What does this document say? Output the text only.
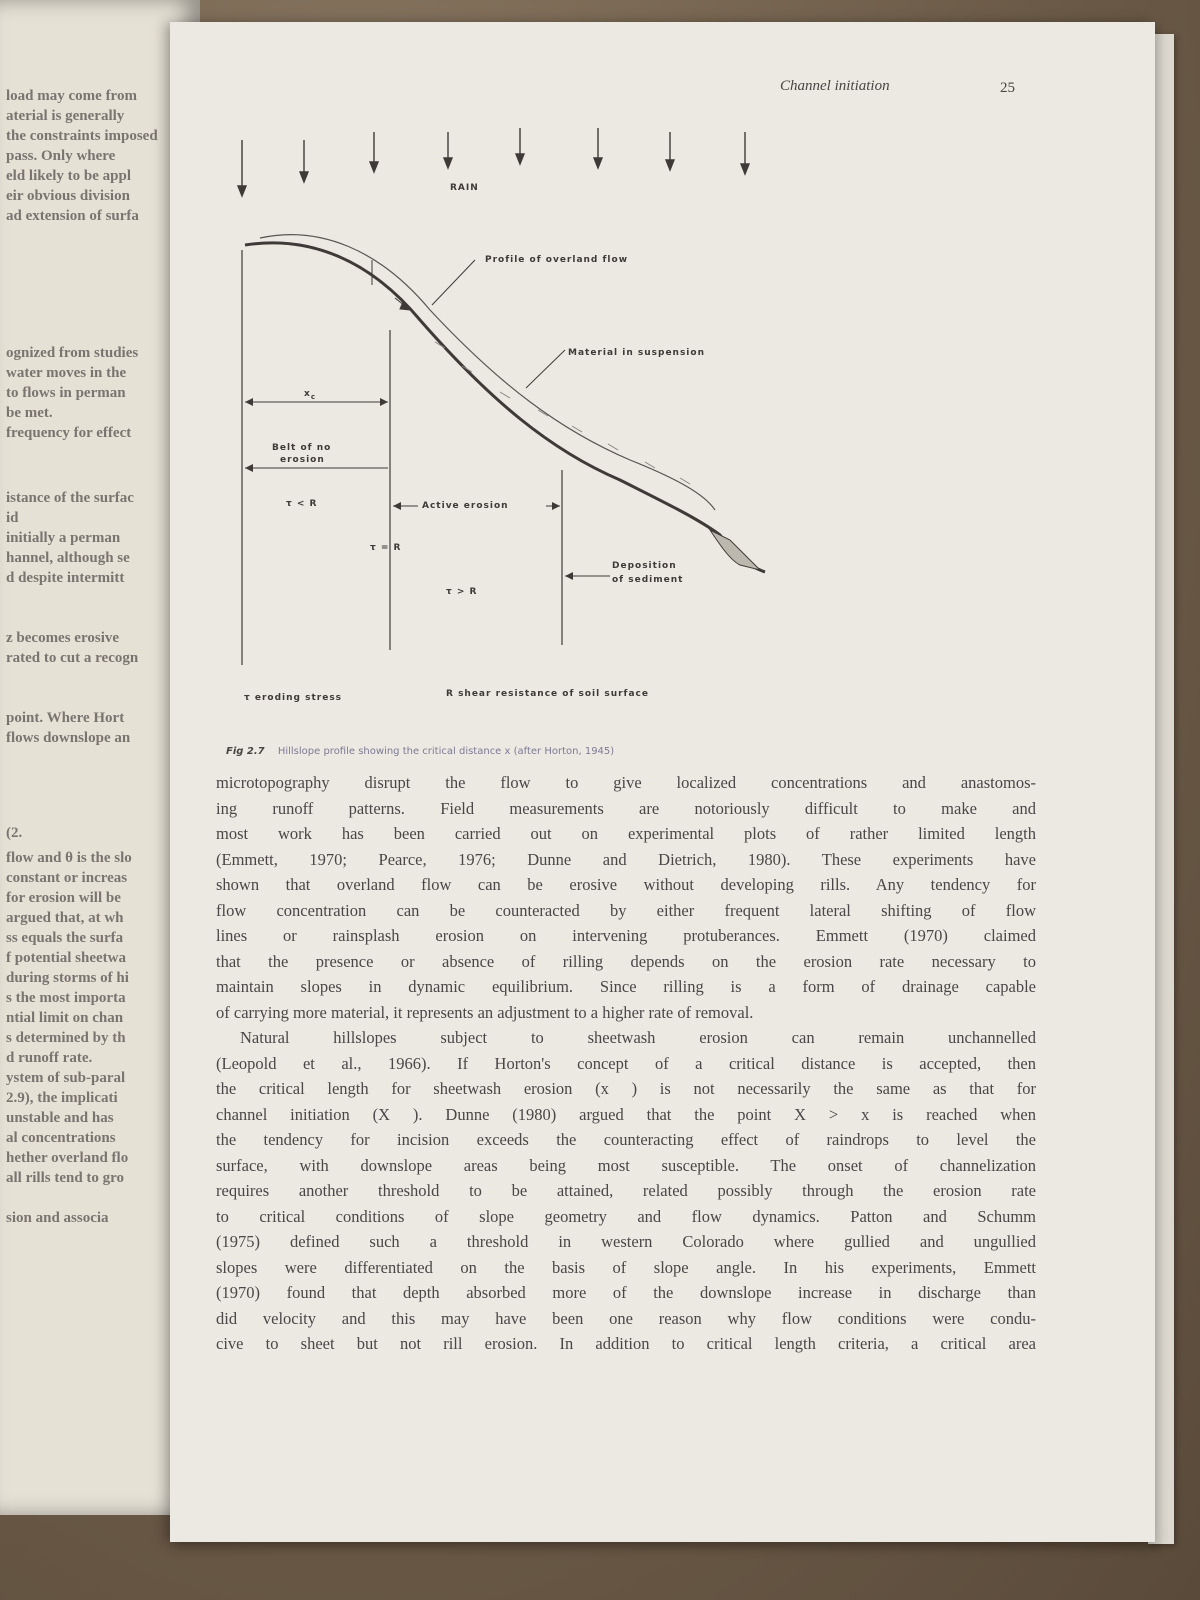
load may come from
aterial is generally
the constraints imposed
pass. Only where
eld likely to be appl
eir obvious division
ad extension of surfa
ognized from studies
water moves in the
to flows in perman
be met.
frequency for effect
istance of the surfac
id
initially a perman
hannel, although se
d despite intermitt
z becomes erosive
rated to cut a recogn
point. Where Hort
flows downslope an
(2.
flow and θ is the slo
constant or increas
for erosion will be
argued that, at wh
ss equals the surfa
f potential sheetwa
during storms of hi
s the most importa
ntial limit on chan
s determined by th
d runoff rate.
ystem of sub-paral
2.9), the implicati
unstable and has
al concentrations
hether overland flo
all rills tend to gro
sion and associa
Channel initiation	25
RAIN
Profile of overland flow
Material in suspension
$x_c$
Belt of no
erosion
τ < R	Active erosion
τ = R
τ > R
Deposition
of sediment
τ eroding stress	R shear resistance of soil surface
Fig 2.7 Hillslope profile showing the critical distance x (after Horton, 1945)
microtopography disrupt the flow to give localized concentrations and anastomos-
ing runoff patterns. Field measurements are notoriously difficult to make and
most work has been carried out on experimental plots of rather limited length
(Emmett, 1970; Pearce, 1976; Dunne and Dietrich, 1980). These experiments have
shown that overland flow can be erosive without developing rills. Any tendency for
flow concentration can be counteracted by either frequent lateral shifting of flow
lines or rainsplash erosion on intervening protuberances. Emmett (1970) claimed
that the presence or absence of rilling depends on the erosion rate necessary to
maintain slopes in dynamic equilibrium. Since rilling is a form of drainage capable
of carrying more material, it represents an adjustment to a higher rate of removal.
Natural hillslopes subject to sheetwash erosion can remain unchannelled
(Leopold et al., 1966). If Horton's concept of a critical distance is accepted, then
the critical length for sheetwash erosion (x ) is not necessarily the same as that for
channel initiation (X ). Dunne (1980) argued that the point X > x is reached when
the tendency for incision exceeds the counteracting effect of raindrops to level the
surface, with downslope areas being most susceptible. The onset of channelization
requires another threshold to be attained, related possibly through the erosion rate
to critical conditions of slope geometry and flow dynamics. Patton and Schumm
(1975) defined such a threshold in western Colorado where gullied and ungullied
slopes were differentiated on the basis of slope angle. In his experiments, Emmett
(1970) found that depth absorbed more of the downslope increase in discharge than
did velocity and this may have been one reason why flow conditions were condu-
cive to sheet but not rill erosion. In addition to critical length criteria, a critical area
